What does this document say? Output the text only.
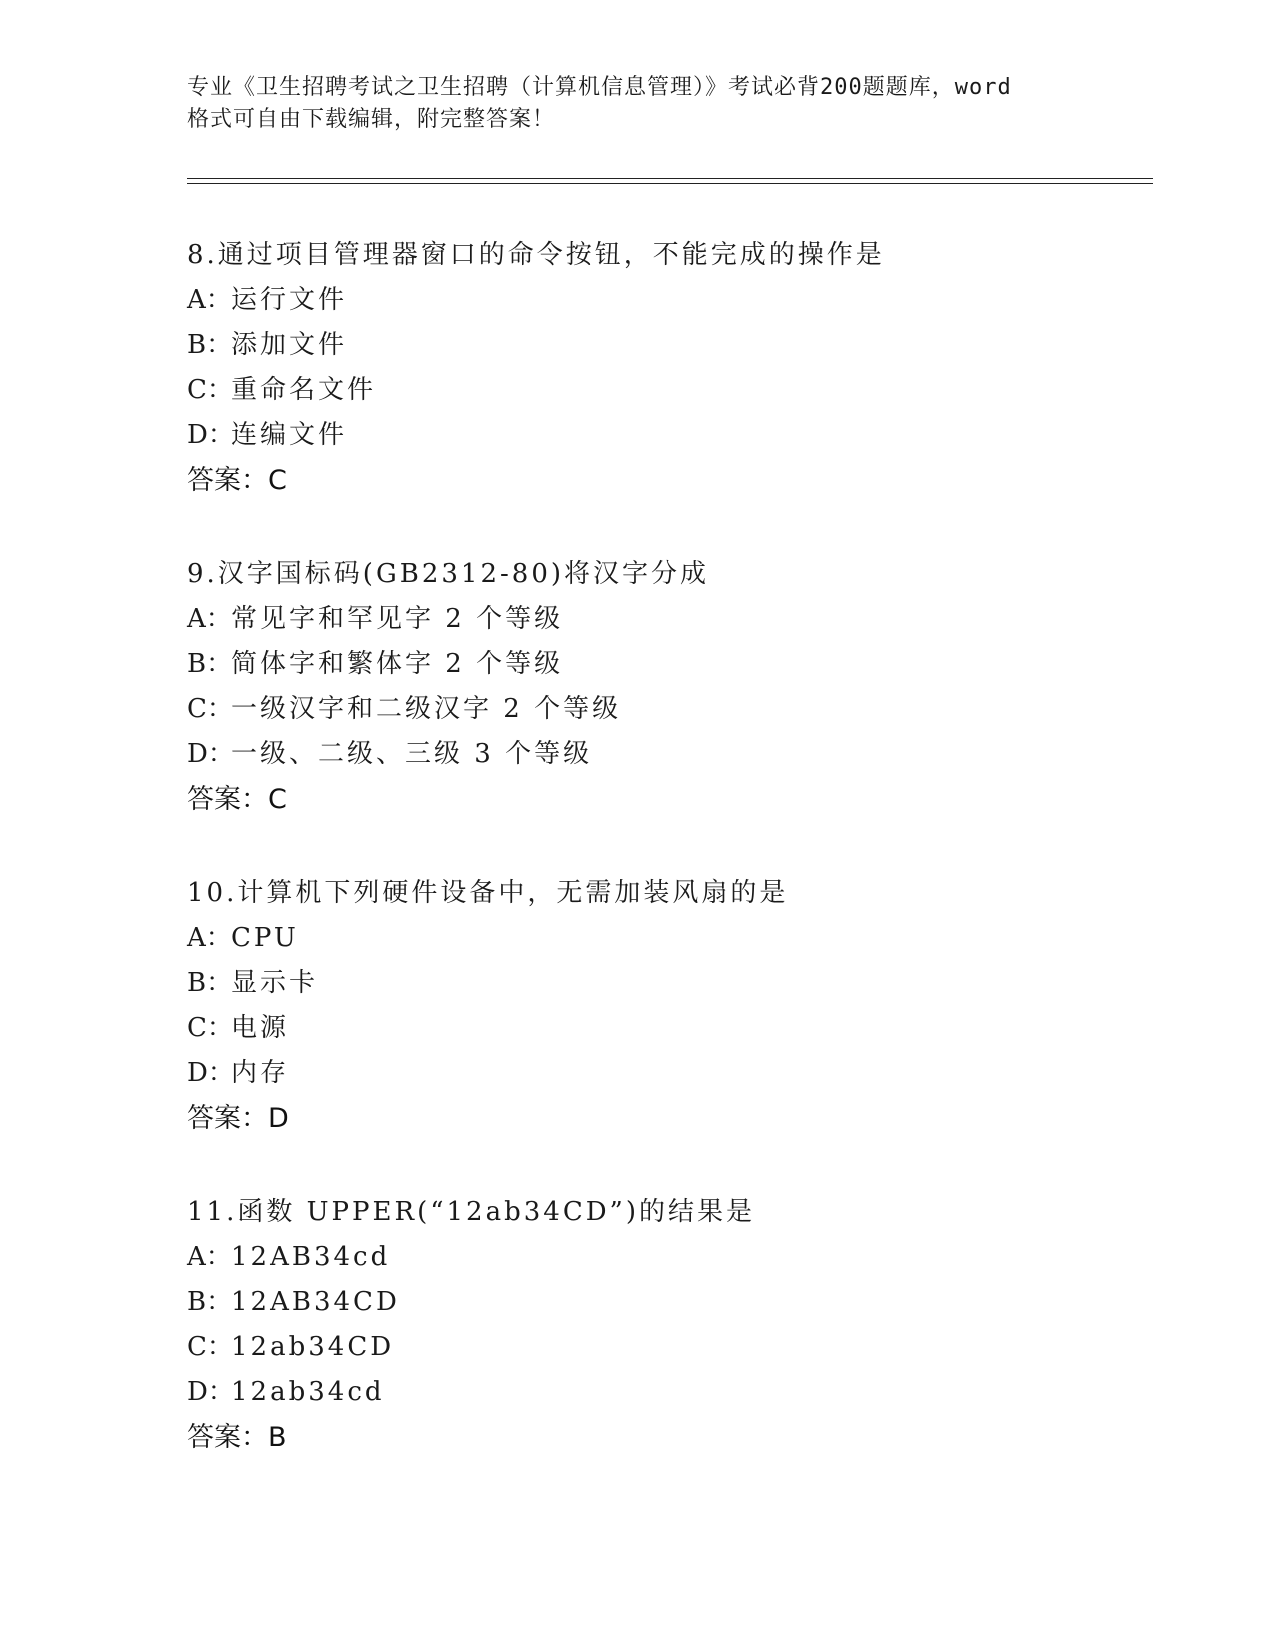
专业《卫生招聘考试之卫生招聘（计算机信息管理）》考试必背200题题库，word
格式可自由下载编辑，附完整答案！
8.通过项目管理器窗口的命令按钮，不能完成的操作是
A：运行文件
B：添加文件
C：重命名文件
D：连编文件
答案：C
9.汉字国标码(GB2312-80)将汉字分成
A：常见字和罕见字 2 个等级
B：简体字和繁体字 2 个等级
C：一级汉字和二级汉字 2 个等级
D：一级、二级、三级 3 个等级
答案：C
10.计算机下列硬件设备中，无需加装风扇的是
A：CPU
B：显示卡
C：电源
D：内存
答案：D
11.函数 UPPER(“12ab34CD”)的结果是
A：12AB34cd
B：12AB34CD
C：12ab34CD
D：12ab34cd
答案：B
